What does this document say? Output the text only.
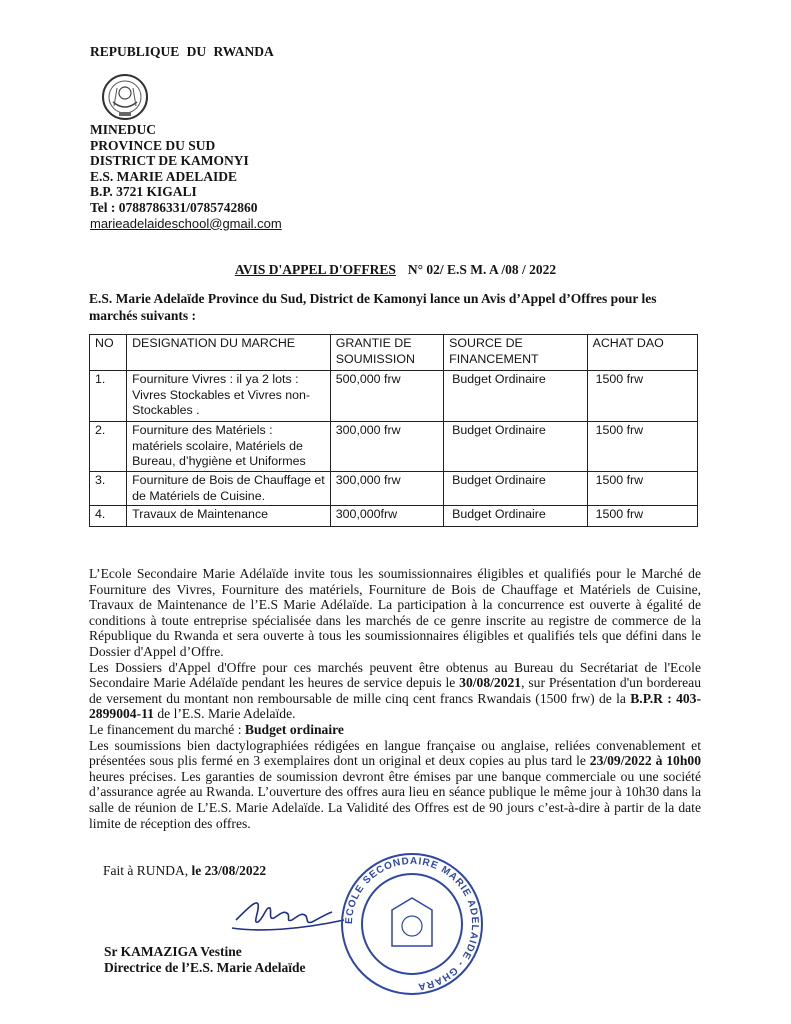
REPUBLIQUE DU RWANDA
MINEDUC
PROVINCE DU SUD
DISTRICT DE KAMONYI
E.S. MARIE ADELAIDE
B.P. 3721 KIGALI
Tel : 0788786331/0785742860
marieadelaideschool@gmail.com
AVIS D'APPEL D'OFFRES N° 02/ E.S M. A /08 / 2022
E.S. Marie Adelaïde Province du Sud, District de Kamonyi lance un Avis d’Appel d’Offres pour les marchés suivants :
NO	DESIGNATION DU MARCHE	GRANTIE DE SOUMISSION	SOURCE DE FINANCEMENT	ACHAT DAO
1.	Fourniture Vivres : il ya 2 lots : Vivres Stockables et Vivres non-Stockables .	500,000 frw	Budget Ordinaire	1500 frw
2.	Fourniture des Matériels : matériels scolaire, Matériels de Bureau, d’hygiène et Uniformes	300,000 frw	Budget Ordinaire	1500 frw
3.	Fourniture de Bois de Chauffage et de Matériels de Cuisine.	300,000 frw	Budget Ordinaire	1500 frw
4.	Travaux de Maintenance	300,000frw	Budget Ordinaire	1500 frw

L’Ecole Secondaire Marie Adélaïde invite tous les soumissionnaires éligibles et qualifiés pour le Marché de Fourniture des Vivres, Fourniture des matériels, Fourniture de Bois de Chauffage et Matériels de Cuisine, Travaux de Maintenance de l’E.S Marie Adélaïde. La participation à la concurrence est ouverte à égalité de conditions à toute entreprise spécialisée dans les marchés de ce genre inscrite au registre de commerce de la République du Rwanda et sera ouverte à tous les soumissionnaires éligibles et qualifiés tels que défini dans le Dossier d'Appel d’Offre.

Les Dossiers d'Appel d'Offre pour ces marchés peuvent être obtenus au Bureau du Secrétariat de l'Ecole Secondaire Marie Adélaïde pendant les heures de service depuis le 30/08/2021, sur Présentation d'un bordereau de versement du montant non remboursable de mille cinq cent francs Rwandais (1500 frw) de la B.P.R : 403-2899004-11 de l’E.S. Marie Adelaïde.

Le financement du marché : Budget ordinaire

Les soumissions bien dactylographiées rédigées en langue française ou anglaise, reliées convenablement et présentées sous plis fermé en 3 exemplaires dont un original et deux copies au plus tard le 23/09/2022 à 10h00 heures précises. Les garanties de soumission devront être émises par une banque commerciale ou une société d’assurance agrée au Rwanda. L’ouverture des offres aura lieu en séance publique le même jour à 10h30 dans la salle de réunion de L’E.S. Marie Adelaïde. La Validité des Offres est de 90 jours c’est-à-dire à partir de la date limite de réception des offres.

Fait à RUNDA, le 23/08/2022
ECOLE SECONDAIRE MARIE ADELAIDE - GHARA
Sr KAMAZIGA Vestine
Directrice de l’E.S. Marie Adelaïde
